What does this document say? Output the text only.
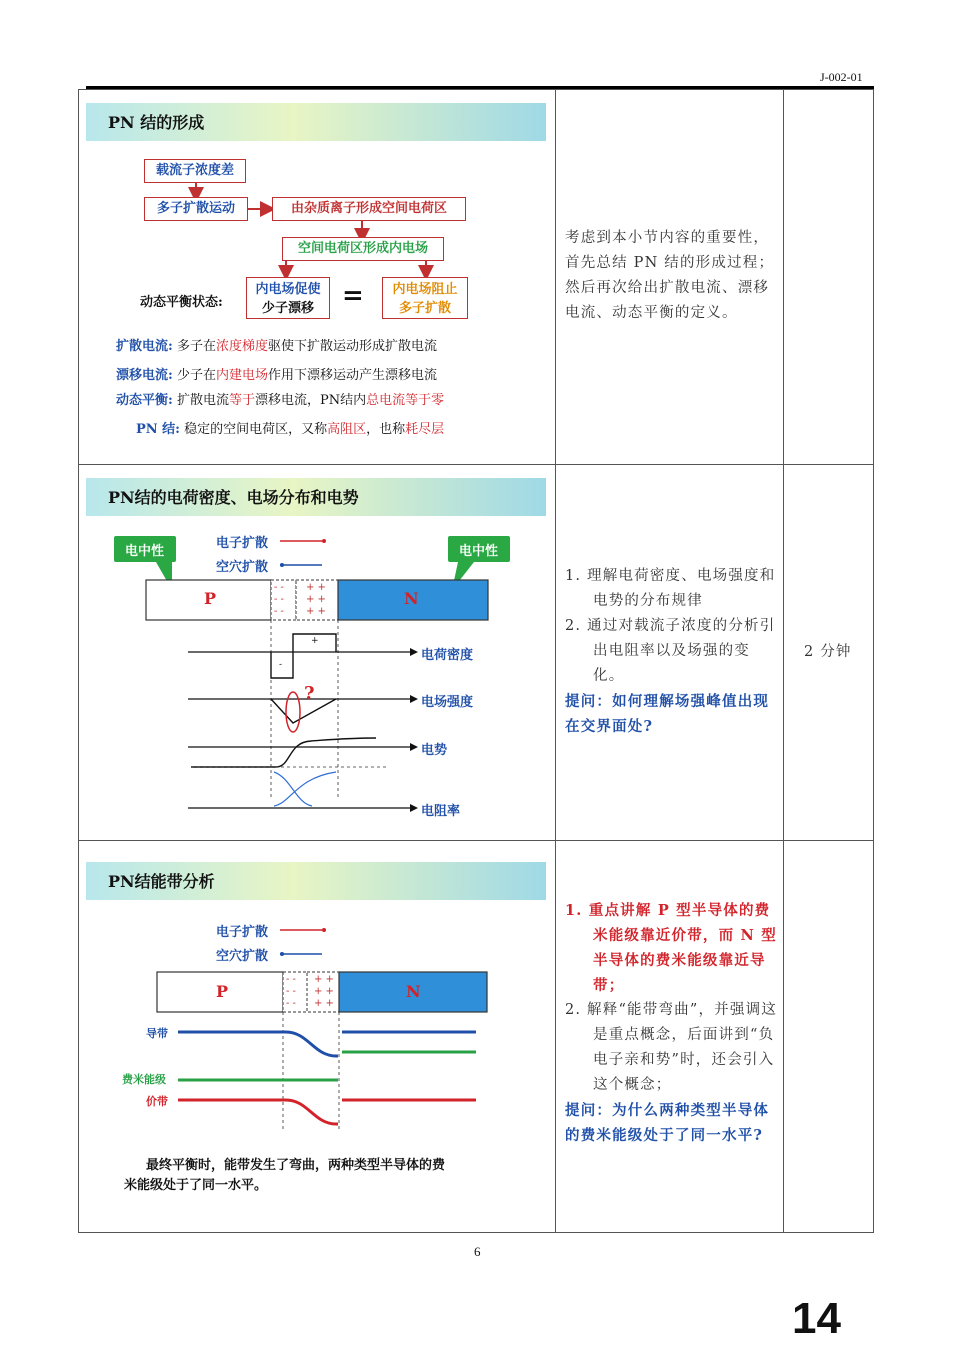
J-002-01
PN 结的形成
载流子浓度差
多子扩散运动	由杂质离子形成空间电荷区
空间电荷区形成内电场
动态平衡状态:
内电场促使
少子漂移	=	内电场阻止
多子扩散
扩散电流: 多子在浓度梯度驱使下扩散运动形成扩散电流
漂移电流: 少子在内建电场作用下漂移运动产生漂移电流
动态平衡: 扩散电流等于漂移电流，PN结内总电流等于零
PN 结: 稳定的空间电荷区，又称高阻区，也称耗尽层
考虑到本小节内容的重要性，首先总结 PN 结的形成过程；然后再次给出扩散电流、漂移电流、动态平衡的定义。
PN结的电荷密度、电场分布和电势
电中性	电中性
电子扩散
空穴扩散
P	N
- -
- -
- -
+ +
+ +
+ +
+
-
?
电荷密度
电场强度
电势
电阻率
1. 理解电荷密度、电场强度和电势的分布规律
2. 通过对载流子浓度的分析引出电阻率以及场强的变化。
提问：如何理解场强峰值出现在交界面处?
2 分钟
PN结能带分析
电子扩散
空穴扩散
P	N
- -
- -
- -
+ +
+ +
+ +
导带
费米能级
价带
最终平衡时，能带发生了弯曲，两种类型半导体的费
米能级处于了同一水平。
1. 重点讲解 P 型半导体的费米能级靠近价带，而 N 型半导体的费米能级靠近导带；
2. 解释“能带弯曲”，并强调这是重点概念，后面讲到“负电子亲和势”时，还会引入这个概念；
提问：为什么两种类型半导体的费米能级处于了同一水平?
6
14
